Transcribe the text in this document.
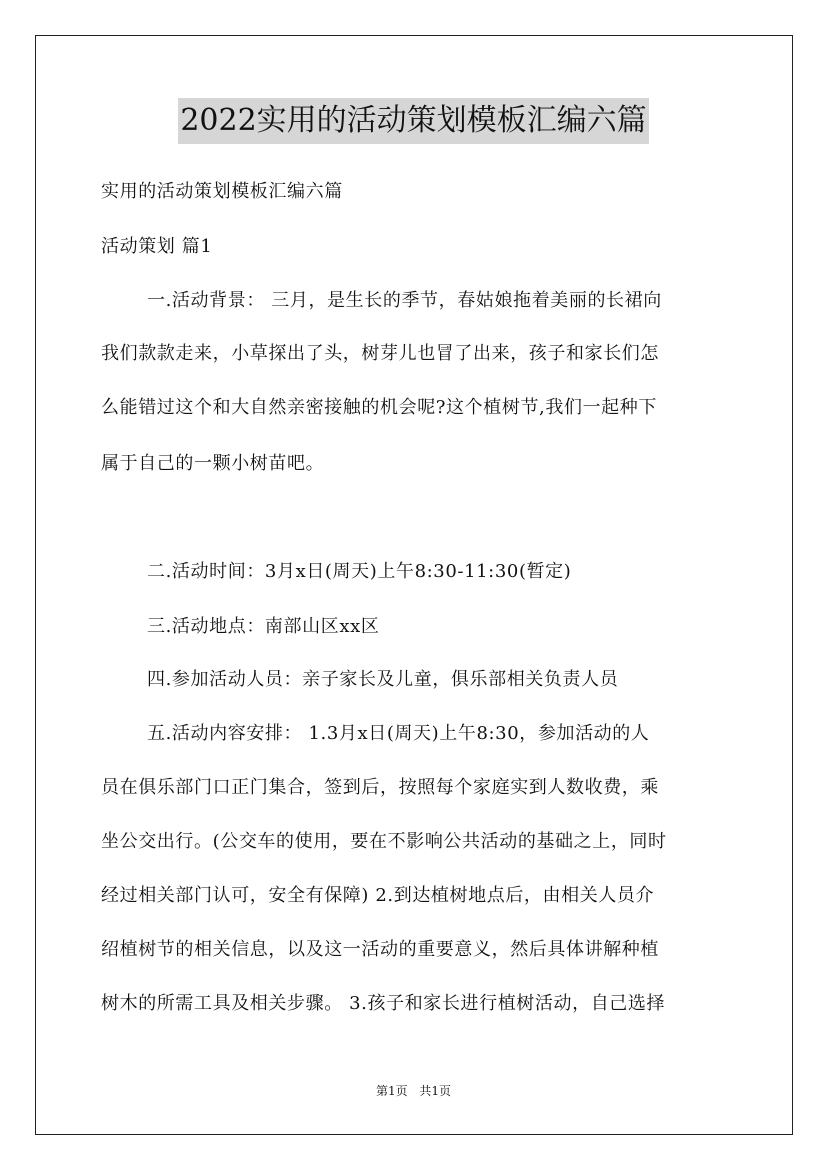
2022实用的活动策划模板汇编六篇
实用的活动策划模板汇编六篇
活动策划 篇1
一.活动背景： 三月，是生长的季节，春姑娘拖着美丽的长裙向
我们款款走来，小草探出了头，树芽儿也冒了出来，孩子和家长们怎
么能错过这个和大自然亲密接触的机会呢?这个植树节,我们一起种下
属于自己的一颗小树苗吧。
二.活动时间：3月x日(周天)上午8:30-11:30(暂定)
三.活动地点：南部山区xx区
四.参加活动人员：亲子家长及儿童，俱乐部相关负责人员
五.活动内容安排： 1.3月x日(周天)上午8:30，参加活动的人
员在俱乐部门口正门集合，签到后，按照每个家庭实到人数收费，乘
坐公交出行。(公交车的使用，要在不影响公共活动的基础之上，同时
经过相关部门认可，安全有保障) 2.到达植树地点后，由相关人员介
绍植树节的相关信息，以及这一活动的重要意义，然后具体讲解种植
树木的所需工具及相关步骤。 3.孩子和家长进行植树活动，自己选择
第1页 共1页
